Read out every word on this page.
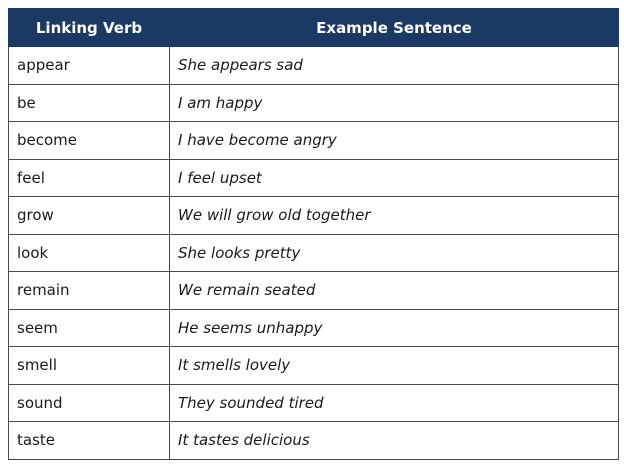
Linking Verb	Example Sentence
appear	She appears sad
be	I am happy
become	I have become angry
feel	I feel upset
grow	We will grow old together
look	She looks pretty
remain	We remain seated
seem	He seems unhappy
smell	It smells lovely
sound	They sounded tired
taste	It tastes delicious
